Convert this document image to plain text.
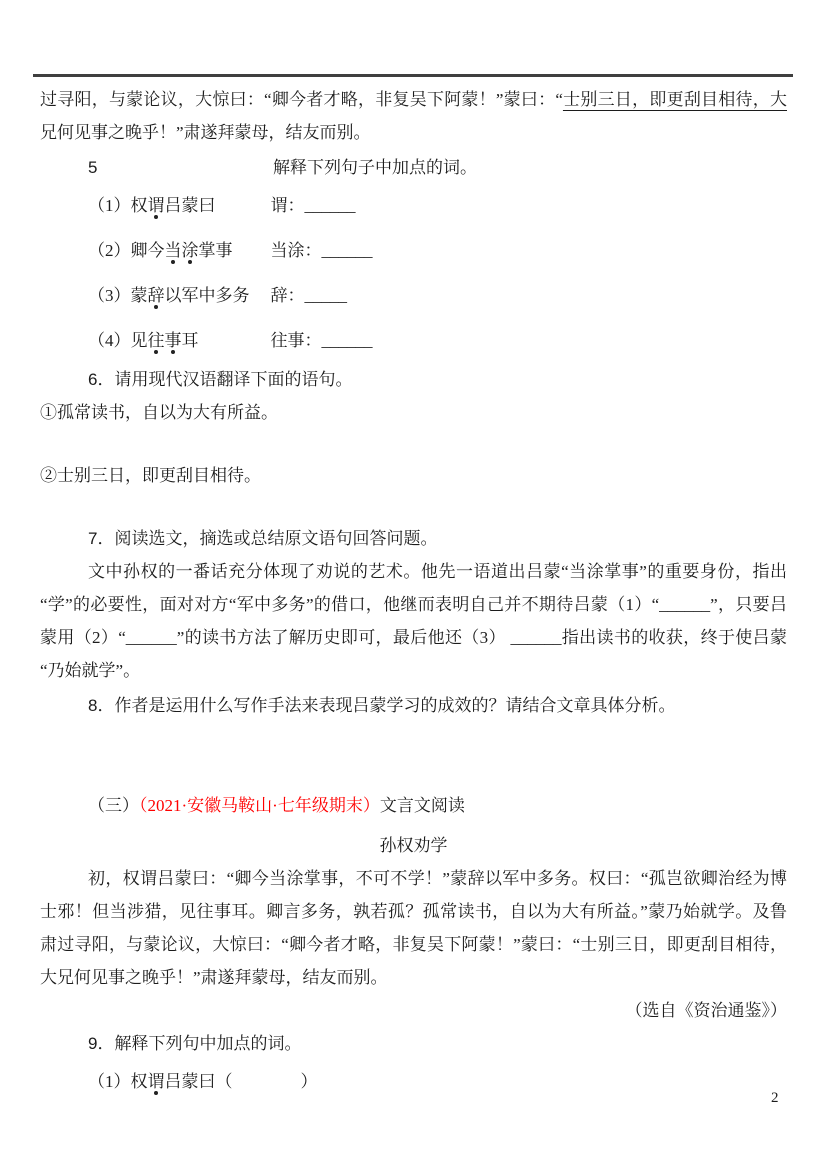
过寻阳，与蒙论议，大惊曰：“卿今者才略，非复吴下阿蒙！”蒙曰：“士别三日，即更刮目相待，大兄何见事之晚乎！”肃遂拜蒙母，结友而别。

5	解释下列句子中加点的词。
（1） 权谓吕蒙曰	谓： ______
（2） 卿今当涂掌事	当涂： ______
（3） 蒙辞以军中多务	辞： _____
（4） 见往事耳	往事： ______

6．请用现代汉语翻译下面的语句。

①孤常读书，自以为大有所益。

②士别三日，即更刮目相待。

7．阅读选文，摘选或总结原文语句回答问题。

文中孙权的一番话充分体现了劝说的艺术。他先一语道出吕蒙“当涂掌事”的重要身份，指出“学”的必要性，面对对方“军中多务”的借口，他继而表明自己并不期待吕蒙（1）“______”，只要吕蒙用（2）“______”的读书方法了解历史即可，最后他还（3） ______指出读书的收获，终于使吕蒙“乃始就学”。

8．作者是运用什么写作手法来表现吕蒙学习的成效的？请结合文章具体分析。

（三）（2021·安徽马鞍山·七年级期末）文言文阅读

孙权劝学

初，权谓吕蒙曰：“卿今当涂掌事，不可不学！”蒙辞以军中多务。权曰：“孤岂欲卿治经为博士邪！但当涉猎，见往事耳。卿言多务，孰若孤？孤常读书，自以为大有所益。”蒙乃始就学。及鲁肃过寻阳，与蒙论议，大惊曰：“卿今者才略，非复吴下阿蒙！”蒙曰：“士别三日，即更刮目相待，大兄何见事之晚乎！”肃遂拜蒙母，结友而别。

（选自《资治通鉴》）

9．解释下列句中加点的词。

（1） 权谓吕蒙曰 （　　　　）
2
